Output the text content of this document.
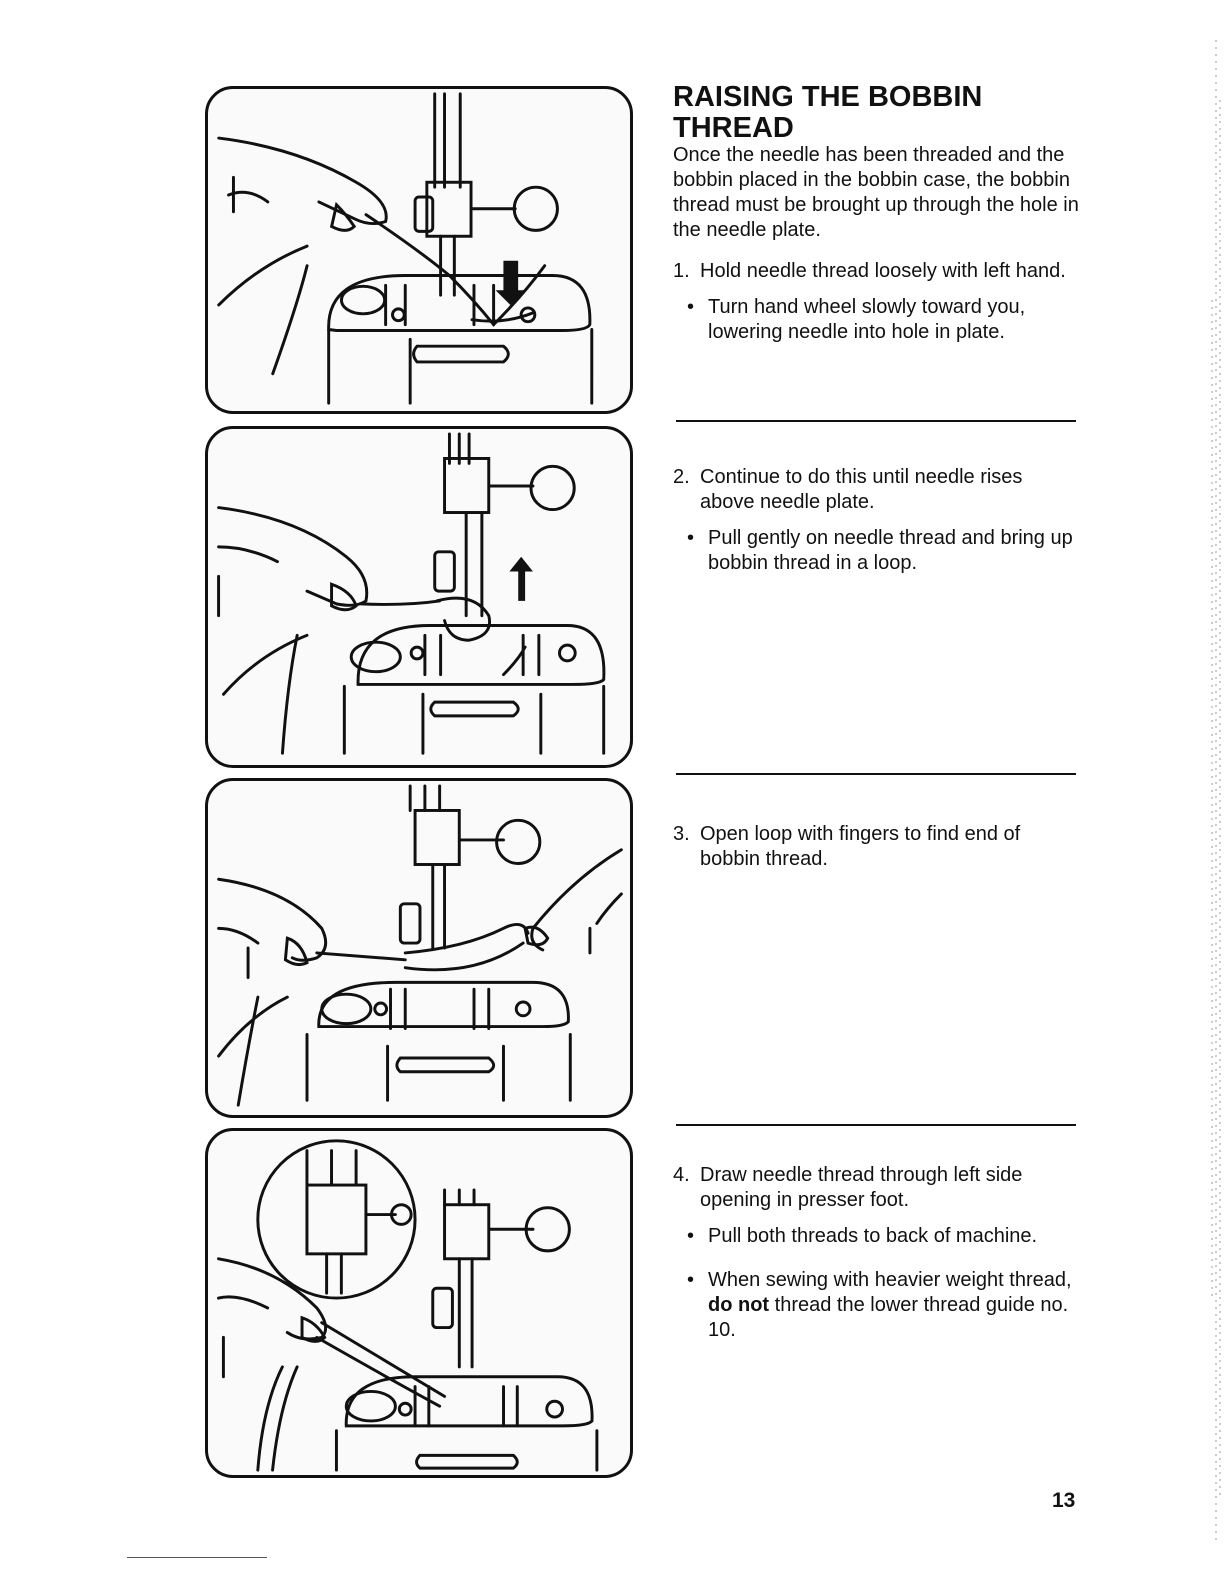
RAISING THE BOBBIN THREAD

Once the needle has been threaded and the bobbin placed in the bobbin case, the bobbin thread must be brought up through the hole in the needle plate.

1. Hold needle thread loosely with left hand.
• Turn hand wheel slowly toward you, lowering needle into hole in plate.
2. Continue to do this until needle rises above needle plate.
• Pull gently on needle thread and bring up bobbin thread in a loop.
3. Open loop with fingers to find end of bobbin thread.
4. Draw needle thread through left side opening in presser foot.
• Pull both threads to back of machine.
• When sewing with heavier weight thread, do not thread the lower thread guide no. 10.
13
